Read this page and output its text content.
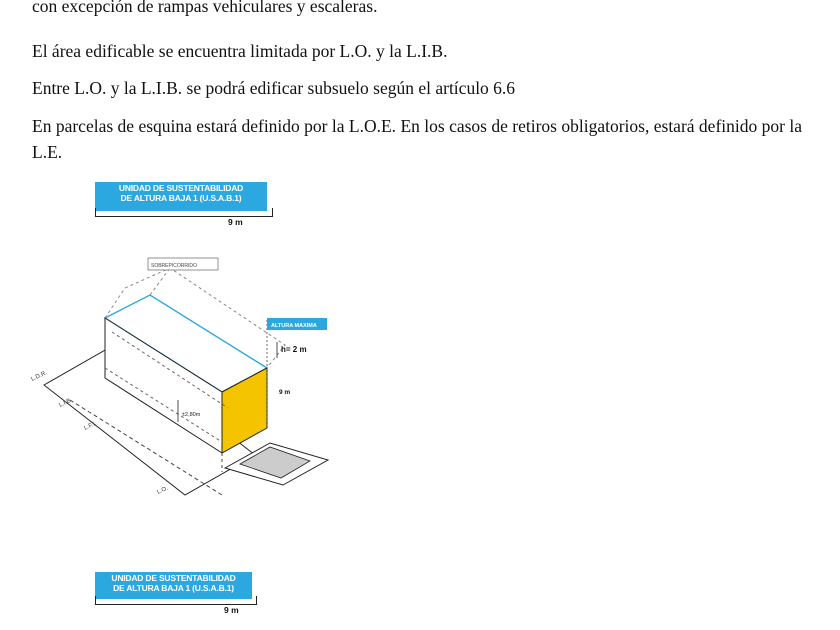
con excepción de rampas vehiculares y escaleras.

El área edificable se encuentra limitada por L.O. y la L.I.B.

Entre L.O. y la L.I.B. se podrá edificar subsuelo según el artículo 6.6

En parcelas de esquina estará definido por la L.O.E. En los casos de retiros obligatorios, estará definido por la L.E.

UNIDAD DE SUSTENTABILIDAD
DE ALTURA BAJA 1 (U.S.A.B.1)
9 m
SOBREPICORRIDO
ALTURA MAXIMA
h= 2 m
9 m
±2,80m
L.D.R.
L.I.B.
L.F.I.
L.O.
UNIDAD DE SUSTENTABILIDAD
DE ALTURA BAJA 1 (U.S.A.B.1)
9 m
